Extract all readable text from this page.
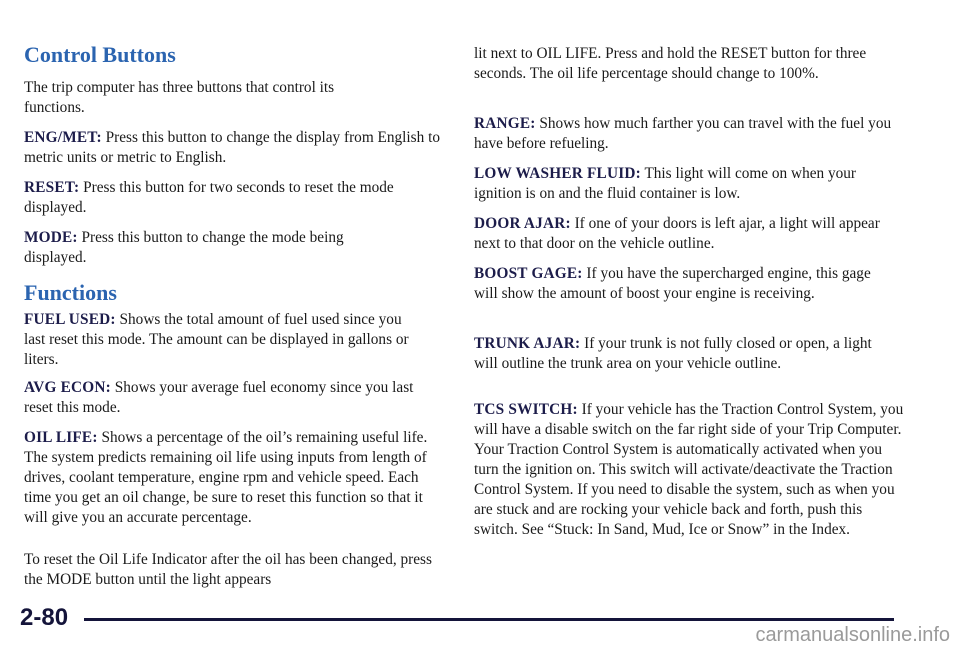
Control Buttons

The trip computer has three buttons that control its functions.

ENG/MET: Press this button to change the display from English to metric units or metric to English.

RESET: Press this button for two seconds to reset the mode displayed.

MODE: Press this button to change the mode being displayed.

Functions

FUEL USED: Shows the total amount of fuel used since you last reset this mode. The amount can be displayed in gallons or liters.

AVG ECON: Shows your average fuel economy since you last reset this mode.

OIL LIFE: Shows a percentage of the oil’s remaining useful life. The system predicts remaining oil life using inputs from length of drives, coolant temperature, engine rpm and vehicle speed. Each time you get an oil change, be sure to reset this function so that it will give you an accurate percentage.

To reset the Oil Life Indicator after the oil has been changed, press the MODE button until the light appears

lit next to OIL LIFE. Press and hold the RESET button for three seconds. The oil life percentage should change to 100%.

RANGE: Shows how much farther you can travel with the fuel you have before refueling.

LOW WASHER FLUID: This light will come on when your ignition is on and the fluid container is low.

DOOR AJAR: If one of your doors is left ajar, a light will appear next to that door on the vehicle outline.

BOOST GAGE: If you have the supercharged engine, this gage will show the amount of boost your engine is receiving.

TRUNK AJAR: If your trunk is not fully closed or open, a light will outline the trunk area on your vehicle outline.

TCS SWITCH: If your vehicle has the Traction Control System, you will have a disable switch on the far right side of your Trip Computer. Your Traction Control System is automatically activated when you turn the ignition on. This switch will activate/deactivate the Traction Control System. If you need to disable the system, such as when you are stuck and are rocking your vehicle back and forth, push this switch. See “Stuck: In Sand, Mud, Ice or Snow” in the Index.

2-80
carmanualsonline.info
